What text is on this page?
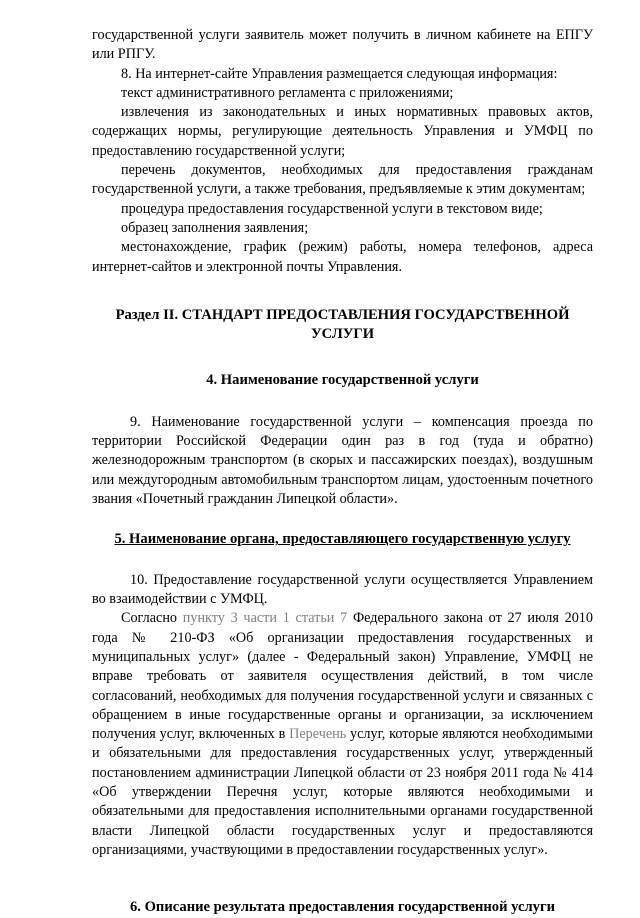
государственной услуги заявитель может получить в личном кабинете на ЕПГУ или РПГУ.

8. На интернет-сайте Управления размещается следующая информация:

текст административного регламента с приложениями;

извлечения из законодательных и иных нормативных правовых актов, содержащих нормы, регулирующие деятельность Управления и УМФЦ по предоставлению государственной услуги;

перечень документов, необходимых для предоставления гражданам государственной услуги, а также требования, предъявляемые к этим документам;

процедура предоставления государственной услуги в текстовом виде;

образец заполнения заявления;

местонахождение, график (режим) работы, номера телефонов, адреса интернет-сайтов и электронной почты Управления.

Раздел II. СТАНДАРТ ПРЕДОСТАВЛЕНИЯ ГОСУДАРСТВЕННОЙ УСЛУГИ
4. Наименование государственной услуги

9. Наименование государственной услуги – компенсация проезда по территории Российской Федерации один раз в год (туда и обратно) железнодорожным транспортом (в скорых и пассажирских поездах), воздушным или междугородным автомобильным транспортом лицам, удостоенным почетного звания «Почетный гражданин Липецкой области».

5. Наименование органа, предоставляющего государственную услугу

10. Предоставление государственной услуги осуществляется Управлением во взаимодействии с УМФЦ.

Согласно пункту 3 части 1 статьи 7 Федерального закона от 27 июля 2010 года № 210-ФЗ «Об организации предоставления государственных и муниципальных услуг» (далее - Федеральный закон) Управление, УМФЦ не вправе требовать от заявителя осуществления действий, в том числе согласований, необходимых для получения государственной услуги и связанных с обращением в иные государственные органы и организации, за исключением получения услуг, включенных в Перечень услуг, которые являются необходимыми и обязательными для предоставления государственных услуг, утвержденный постановлением администрации Липецкой области от 23 ноября 2011 года № 414 «Об утверждении Перечня услуг, которые являются необходимыми и обязательными для предоставления исполнительными органами государственной власти Липецкой области государственных услуг и предоставляются организациями, участвующими в предоставлении государственных услуг».

6. Описание результата предоставления государственной услуги
